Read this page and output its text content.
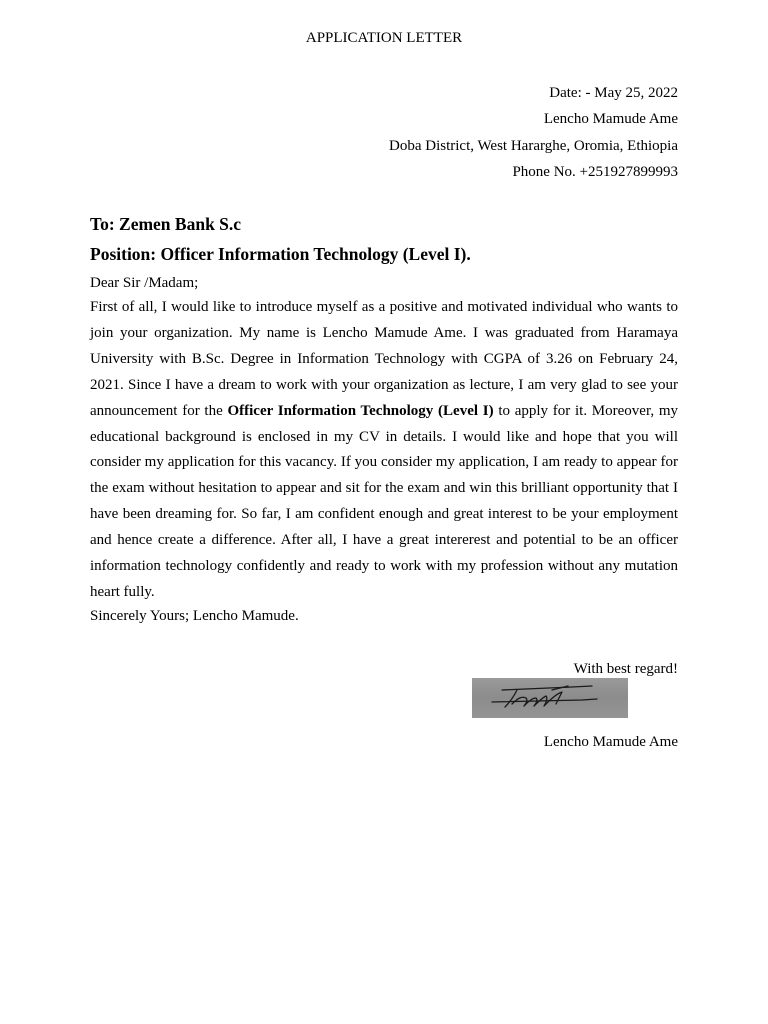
APPLICATION LETTER
Date: - May 25, 2022
Lencho Mamude Ame
Doba District, West Hararghe, Oromia, Ethiopia
Phone No. +251927899993
To: Zemen Bank S.c
Position: Officer Information Technology (Level I).
Dear Sir /Madam;
First of all, I would like to introduce myself as a positive and motivated individual who wants to join your organization. My name is Lencho Mamude Ame. I was graduated from Haramaya University with B.Sc. Degree in Information Technology with CGPA of 3.26 on February 24, 2021. Since I have a dream to work with your organization as lecture, I am very glad to see your announcement for the Officer Information Technology (Level I) to apply for it. Moreover, my educational background is enclosed in my CV in details. I would like and hope that you will consider my application for this vacancy. If you consider my application, I am ready to appear for the exam without hesitation to appear and sit for the exam and win this brilliant opportunity that I have been dreaming for. So far, I am confident enough and great interest to be your employment and hence create a difference. After all, I have a great intererest and potential to be an officer information technology confidently and ready to work with my profession without any mutation heart fully.
Sincerely Yours; Lencho Mamude.
With best regard!
Lencho Mamude Ame
